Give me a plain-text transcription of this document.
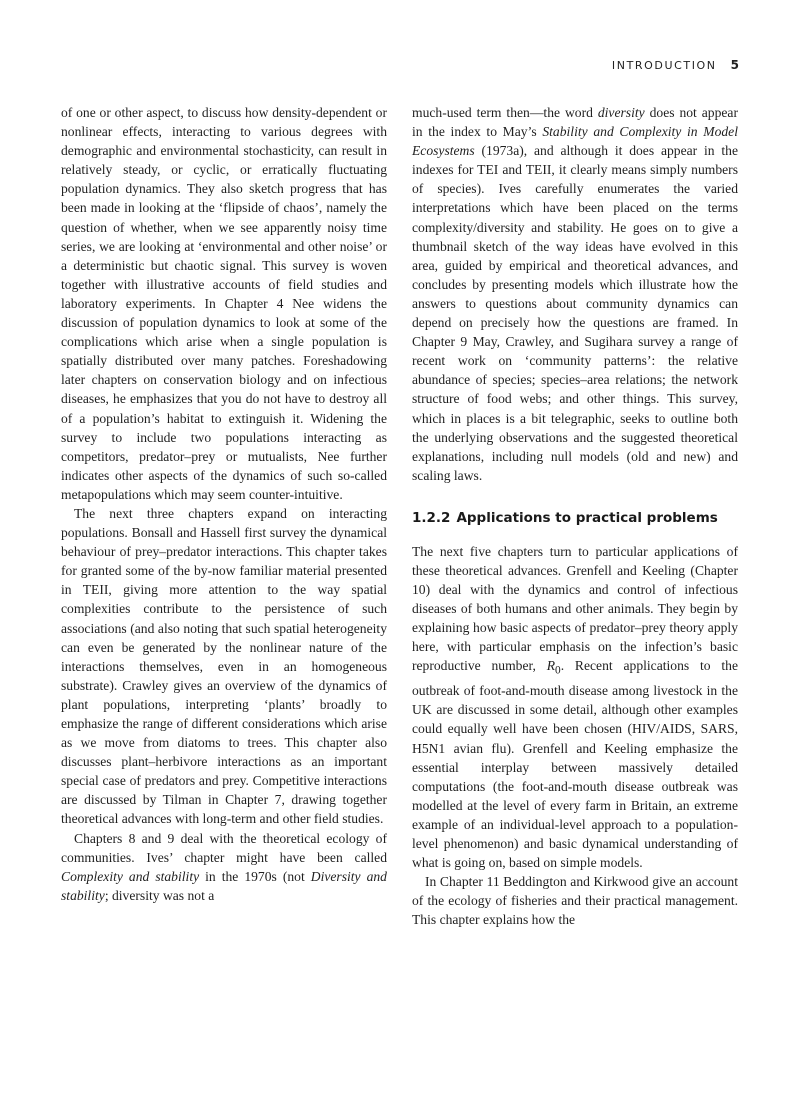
INTRODUCTION 5

of one or other aspect, to discuss how density-dependent or nonlinear effects, interacting to various degrees with demographic and environmental stochasticity, can result in relatively steady, or cyclic, or erratically fluctuating population dynamics. They also sketch progress that has been made in looking at the ‘flipside of chaos’, namely the question of whether, when we see apparently noisy time series, we are looking at ‘environmental and other noise’ or a deterministic but chaotic signal. This survey is woven together with illustrative accounts of field studies and laboratory experiments. In Chapter 4 Nee widens the discussion of population dynamics to look at some of the complications which arise when a single population is spatially distributed over many patches. Foreshadowing later chapters on conservation biology and on infectious diseases, he emphasizes that you do not have to destroy all of a population’s habitat to extinguish it. Widening the survey to include two populations interacting as competitors, predator–prey or mutualists, Nee further indicates other aspects of the dynamics of such so-called metapopulations which may seem counter-intuitive.

The next three chapters expand on interacting populations. Bonsall and Hassell first survey the dynamical behaviour of prey–predator interactions. This chapter takes for granted some of the by-now familiar material presented in TEII, giving more attention to the way spatial complexities contribute to the persistence of such associations (and also noting that such spatial heterogeneity can even be generated by the nonlinear nature of the interactions themselves, even in an homogeneous substrate). Crawley gives an overview of the dynamics of plant populations, interpreting ‘plants’ broadly to emphasize the range of different considerations which arise as we move from diatoms to trees. This chapter also discusses plant–herbivore interactions as an important special case of predators and prey. Competitive interactions are discussed by Tilman in Chapter 7, drawing together theoretical advances with long-term and other field studies.

Chapters 8 and 9 deal with the theoretical ecology of communities. Ives’ chapter might have been called Complexity and stability in the 1970s (not Diversity and stability; diversity was not a

much-used term then—the word diversity does not appear in the index to May’s Stability and Complexity in Model Ecosystems (1973a), and although it does appear in the indexes for TEI and TEII, it clearly means simply numbers of species). Ives carefully enumerates the varied interpretations which have been placed on the terms complexity/diversity and stability. He goes on to give a thumbnail sketch of the way ideas have evolved in this area, guided by empirical and theoretical advances, and concludes by presenting models which illustrate how the answers to questions about community dynamics can depend on precisely how the questions are framed. In Chapter 9 May, Crawley, and Sugihara survey a range of recent work on ‘community patterns’: the relative abundance of species; species–area relations; the network structure of food webs; and other things. This survey, which in places is a bit telegraphic, seeks to outline both the underlying observations and the suggested theoretical explanations, including null models (old and new) and scaling laws.

1.2.2 Applications to practical problems

The next five chapters turn to particular applications of these theoretical advances. Grenfell and Keeling (Chapter 10) deal with the dynamics and control of infectious diseases of both humans and other animals. They begin by explaining how basic aspects of predator–prey theory apply here, with particular emphasis on the infection’s basic reproductive number, $R_0$. Recent applications to the outbreak of foot-and-mouth disease among livestock in the UK are discussed in some detail, although other examples could equally well have been chosen (HIV/AIDS, SARS, H5N1 avian flu). Grenfell and Keeling emphasize the essential interplay between massively detailed computations (the foot-and-mouth disease outbreak was modelled at the level of every farm in Britain, an extreme example of an individual-level approach to a population-level phenomenon) and basic dynamical understanding of what is going on, based on simple models.

In Chapter 11 Beddington and Kirkwood give an account of the ecology of fisheries and their practical management. This chapter explains how the
